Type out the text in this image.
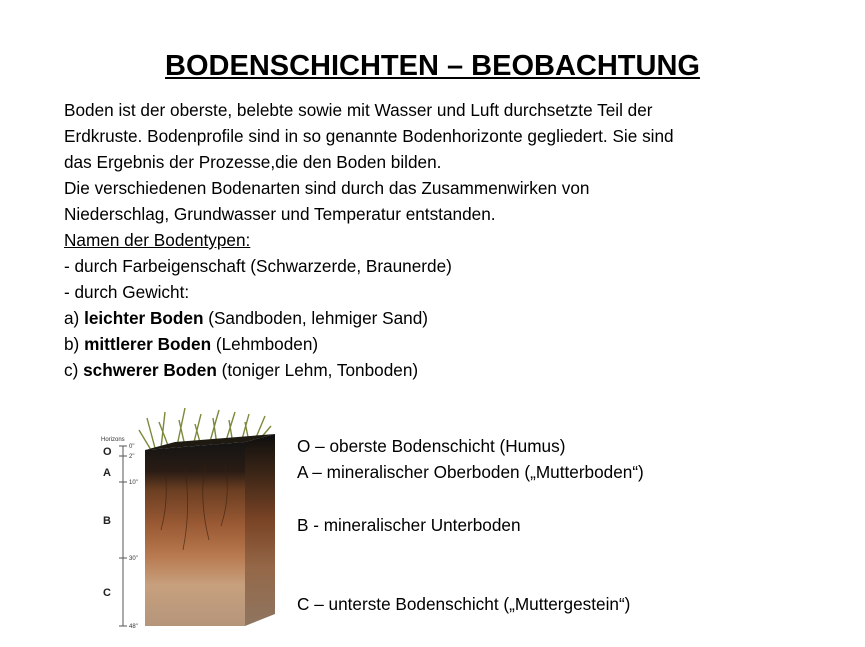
BODENSCHICHTEN – BEOBACHTUNG
Boden ist der oberste, belebte sowie mit Wasser und Luft durchsetzte Teil der
Erdkruste. Bodenprofile sind in so genannte Bodenhorizonte gegliedert. Sie sind
das Ergebnis der Prozesse,die den Boden bilden.
Die verschiedenen Bodenarten sind durch das Zusammenwirken von
Niederschlag, Grundwasser und Temperatur entstanden.
Namen der Bodentypen:
- durch Farbeigenschaft (Schwarzerde, Braunerde)
- durch Gewicht:
a) leichter Boden (Sandboden, lehmiger Sand)
b) mittlerer Boden (Lehmboden)
c) schwerer Boden (toniger Lehm, Tonboden)
Horizons
O
A
B
C
0"
2"
10"
30"
48"
O – oberste Bodenschicht (Humus)
A – mineralischer Oberboden („Mutterboden“)
B - mineralischer Unterboden
C – unterste Bodenschicht („Muttergestein“)
